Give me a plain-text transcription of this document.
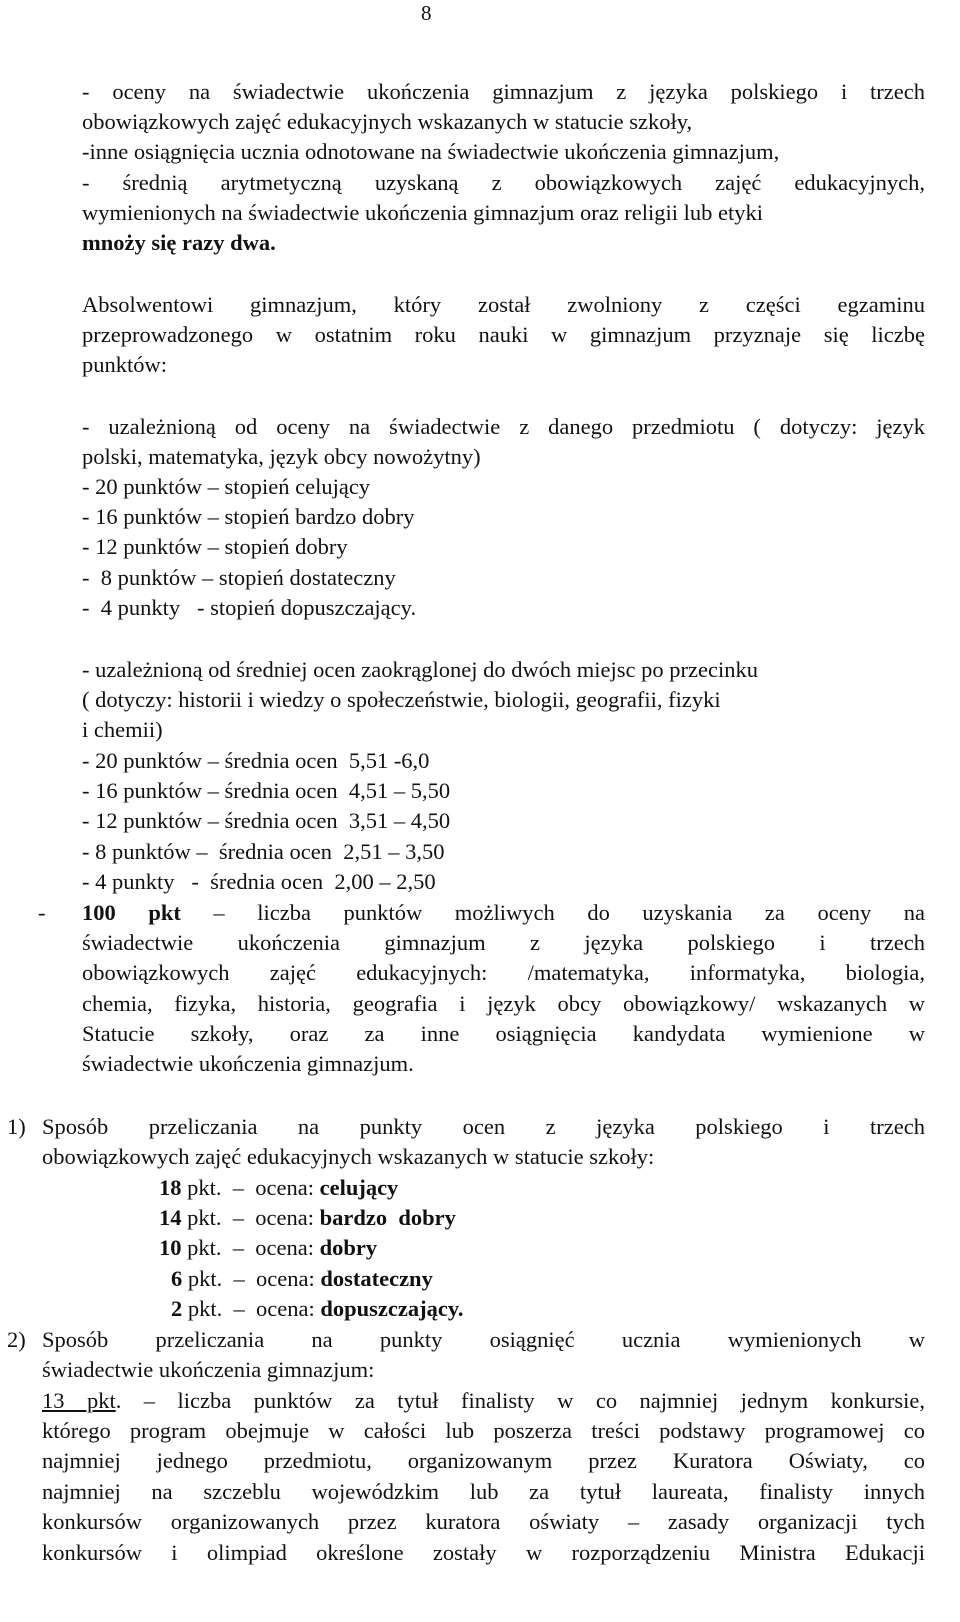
8
- oceny na świadectwie ukończenia gimnazjum z języka polskiego i trzech
obowiązkowych zajęć edukacyjnych wskazanych w statucie szkoły,
-inne osiągnięcia ucznia odnotowane na świadectwie ukończenia gimnazjum,
- średnią arytmetyczną uzyskaną z obowiązkowych zajęć edukacyjnych,
wymienionych na świadectwie ukończenia gimnazjum oraz religii lub etyki
mnoży się razy dwa.
Absolwentowi gimnazjum, który został zwolniony z części egzaminu
przeprowadzonego w ostatnim roku nauki w gimnazjum przyznaje się liczbę
punktów:
- uzależnioną od oceny na świadectwie z danego przedmiotu ( dotyczy: język
polski, matematyka, język obcy nowożytny)
- 20 punktów – stopień celujący
- 16 punktów – stopień bardzo dobry
- 12 punktów – stopień dobry
-  8 punktów – stopień dostateczny
-  4 punkty   - stopień dopuszczający.
- uzależnioną od średniej ocen zaokrąglonej do dwóch miejsc po przecinku
( dotyczy: historii i wiedzy o społeczeństwie, biologii, geografii, fizyki
i chemii)
- 20 punktów – średnia ocen  5,51 -6,0
- 16 punktów – średnia ocen  4,51 – 5,50
- 12 punktów – średnia ocen  3,51 – 4,50
- 8 punktów –  średnia ocen  2,51 – 3,50
- 4 punkty   -  średnia ocen  2,00 – 2,50
- 100 pkt – liczba punktów możliwych do uzyskania za oceny na
świadectwie ukończenia gimnazjum z języka polskiego i trzech
obowiązkowych zajęć edukacyjnych: /matematyka, informatyka, biologia,
chemia, fizyka, historia, geografia i język obcy obowiązkowy/ wskazanych w
Statucie szkoły, oraz za inne osiągnięcia kandydata wymienione w
świadectwie ukończenia gimnazjum.
1) Sposób przeliczania na punkty ocen z języka polskiego i trzech
obowiązkowych zajęć edukacyjnych wskazanych w statucie szkoły:
18 pkt.  –  ocena: celujący
14 pkt.  –  ocena: bardzo  dobry
10 pkt.  –  ocena: dobry
6 pkt.  –  ocena: dostateczny
2 pkt.  –  ocena: dopuszczający.
2) Sposób przeliczania na punkty osiągnięć ucznia wymienionych w
świadectwie ukończenia gimnazjum:
13 pkt. – liczba punktów za tytuł finalisty w co najmniej jednym konkursie,
którego program obejmuje w całości lub poszerza treści podstawy programowej co
najmniej jednego przedmiotu, organizowanym przez Kuratora Oświaty, co
najmniej na szczeblu wojewódzkim lub za tytuł laureata, finalisty innych
konkursów organizowanych przez kuratora oświaty – zasady organizacji tych
konkursów i olimpiad określone zostały w rozporządzeniu Ministra Edukacji
